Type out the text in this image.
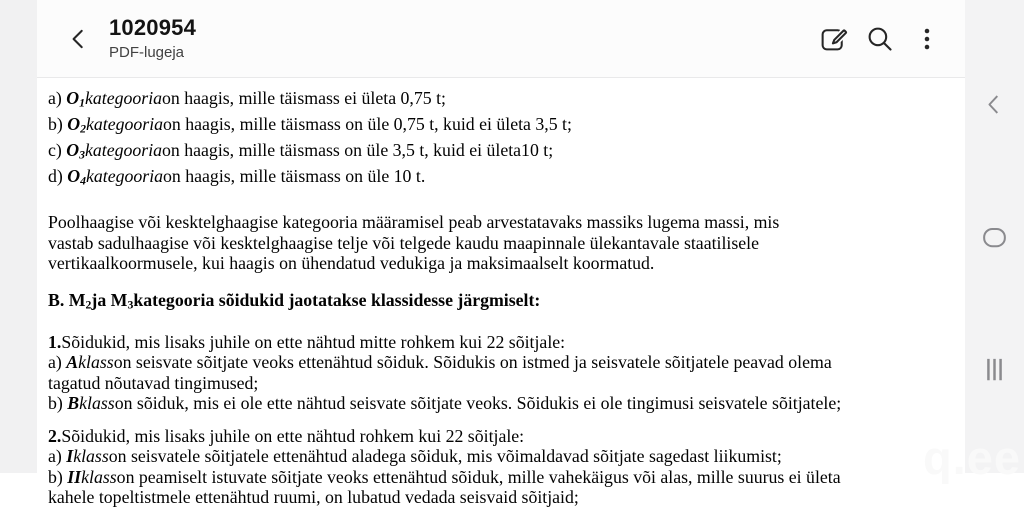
1020954
PDF-lugeja
a) $O_1kategooriaon$ haagis, mille täismass ei ületa 0,75 t;
b) $O_2kategooriaon$ haagis, mille täismass on üle 0,75 t, kuid ei ületa 3,5 t;
c) $O_3kategooriaon$ haagis, mille täismass on üle 3,5 t, kuid ei ületa10 t;
d) $O_4kategooriaon$ haagis, mille täismass on üle 10 t.
Poolhaagise või kesktelghaagise kategooria määramisel peab arvestatavaks massiks lugema massi, mis
vastab sadulhaagise või kesktelghaagise telje või telgede kaudu maapinnale ülekantavale staatilisele
vertikaalkoormusele, kui haagis on ühendatud vedukiga ja maksimaalselt koormatud.
B. $M_2ja$ $M_3kategooria$ sõidukid jaotatakse klassidesse järgmiselt:
1.Sõidukid, mis lisaks juhile on ette nähtud mitte rohkem kui 22 sõitjale:
a) Aklasson seisvate sõitjate veoks ettenähtud sõiduk. Sõidukis on istmed ja seisvatele sõitjatele peavad olema
tagatud nõutavad tingimused;
b) Bklasson sõiduk, mis ei ole ette nähtud seisvate sõitjate veoks. Sõidukis ei ole tingimusi seisvatele sõitjatele;
2.Sõidukid, mis lisaks juhile on ette nähtud rohkem kui 22 sõitjale:
a) Iklasson seisvatele sõitjatele ettenähtud aladega sõiduk, mis võimaldavad sõitjate sagedast liikumist;
b) IIklasson peamiselt istuvate sõitjate veoks ettenähtud sõiduk, mille vahekäigus või alas, mille suurus ei ületa
kahele topeltistmele ettenähtud ruumi, on lubatud vedada seisvaid sõitjaid;
q.ee
